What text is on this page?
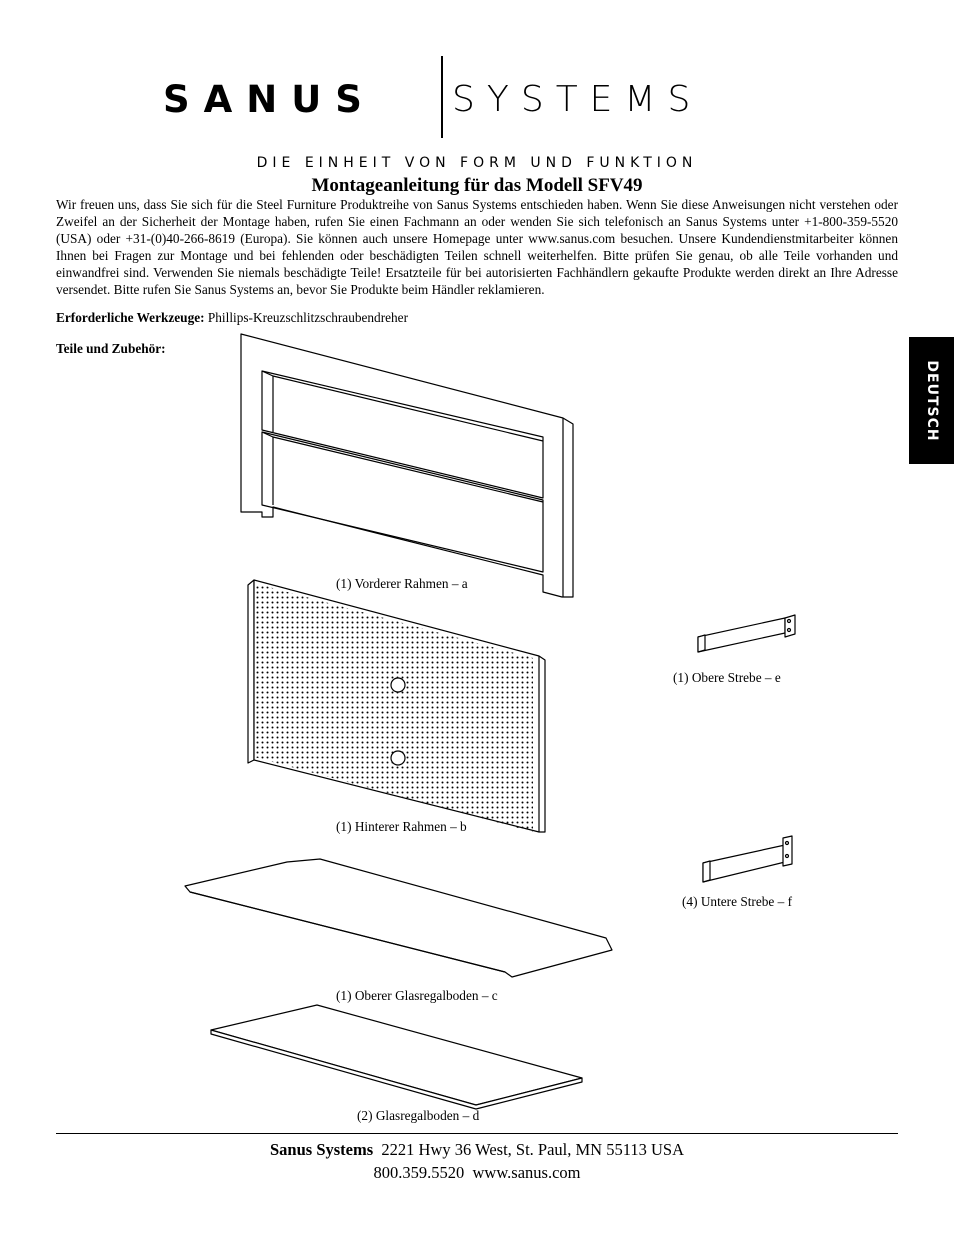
SANUS SYSTEMS
DIE EINHEIT VON FORM UND FUNKTION
Montageanleitung für das Modell SFV49
Wir freuen uns, dass Sie sich für die Steel Furniture Produktreihe von Sanus Systems entschieden haben. Wenn Sie diese Anweisungen nicht verstehen oder Zweifel an der Sicherheit der Montage haben, rufen Sie einen Fachmann an oder wenden Sie sich telefonisch an Sanus Systems unter +1-800-359-5520 (USA) oder +31-(0)40-266-8619 (Europa). Sie können auch unsere Homepage unter www.sanus.com besuchen. Unsere Kundendienstmitarbeiter können Ihnen bei Fragen zur Montage und bei fehlenden oder beschädigten Teilen schnell weiterhelfen. Bitte prüfen Sie genau, ob alle Teile vorhanden und einwandfrei sind. Verwenden Sie niemals beschädigte Teile! Ersatzteile für bei autorisierten Fachhändlern gekaufte Produkte werden direkt an Ihre Adresse versendet. Bitte rufen Sie Sanus Systems an, bevor Sie Produkte beim Händler reklamieren.
Erforderliche Werkzeuge: Phillips-Kreuzschlitzschraubendreher
Teile und Zubehör:
DEUTSCH
(1) Vorderer Rahmen – a
(1) Hinterer Rahmen – b
(1) Oberer Glasregalboden – c
(2) Glasregalboden – d
(1) Obere Strebe – e
(4) Untere Strebe – f
Sanus Systems 2221 Hwy 36 West, St. Paul, MN 55113 USA
800.359.5520 www.sanus.com
